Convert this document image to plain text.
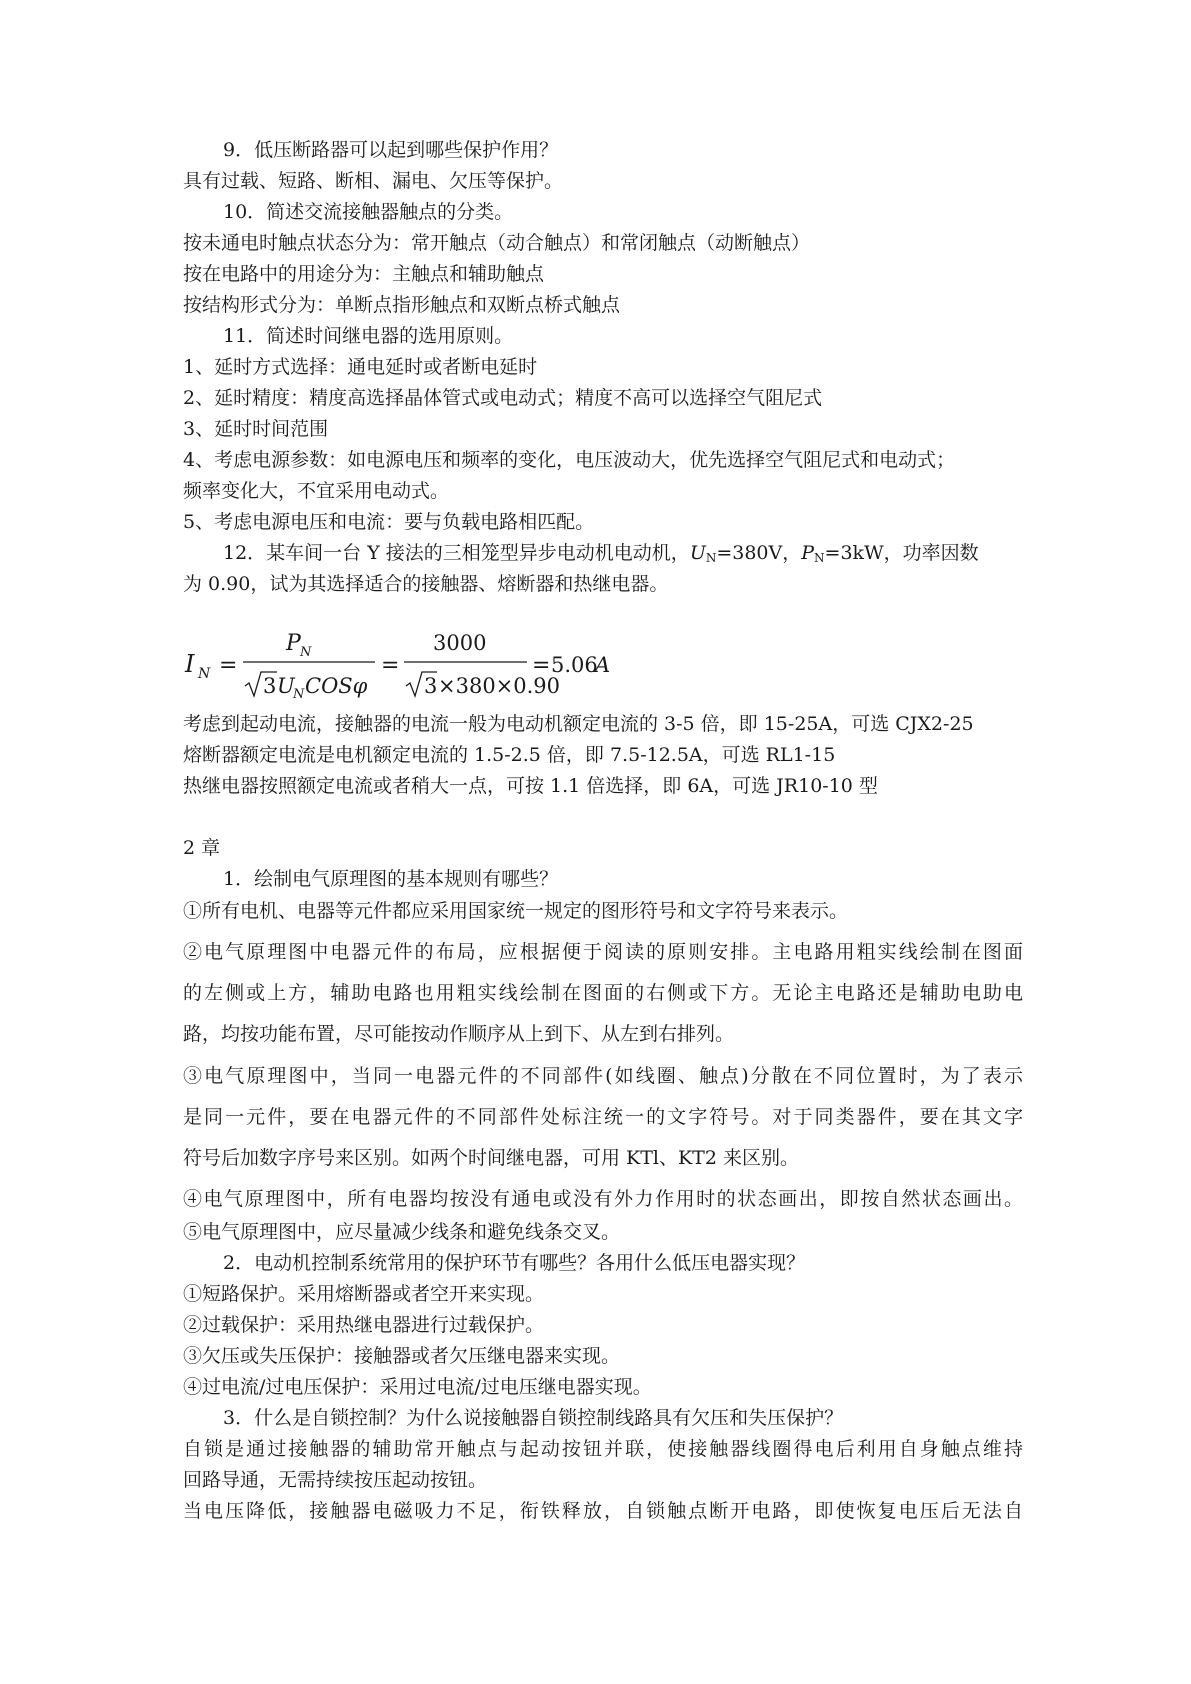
9．低压断路器可以起到哪些保护作用？
具有过载、短路、断相、漏电、欠压等保护。
10．简述交流接触器触点的分类。
按未通电时触点状态分为：常开触点（动合触点）和常闭触点（动断触点）
按在电路中的用途分为：主触点和辅助触点
按结构形式分为：单断点指形触点和双断点桥式触点
11．简述时间继电器的选用原则。
1、延时方式选择：通电延时或者断电延时
2、延时精度：精度高选择晶体管式或电动式；精度不高可以选择空气阻尼式
3、延时时间范围
4、考虑电源参数：如电源电压和频率的变化，电压波动大，优先选择空气阻尼式和电动式；
频率变化大，不宜采用电动式。
5、考虑电源电压和电流：要与负载电路相匹配。
12．某车间一台 Y 接法的三相笼型异步电动机电动机，$U_N=380V$，$P_N=3kW$，功率因数
为 0.90，试为其选择适合的接触器、熔断器和热继电器。
I N =
P N
3 U
N COSφ
=
3000
3 ×380×0.90
= 5.06
A
考虑到起动电流，接触器的电流一般为电动机额定电流的 3-5 倍，即 15-25A，可选 CJX2-25
熔断器额定电流是电机额定电流的 1.5-2.5 倍，即 7.5-12.5A，可选 RL1-15
热继电器按照额定电流或者稍大一点，可按 1.1 倍选择，即 6A，可选 JR10-10 型
2 章
1．绘制电气原理图的基本规则有哪些？
①所有电机、电器等元件都应采用国家统一规定的图形符号和文字符号来表示。
②电气原理图中电器元件的布局，应根据便于阅读的原则安排。主电路用粗实线绘制在图面
的左侧或上方，辅助电路也用粗实线绘制在图面的右侧或下方。无论主电路还是辅助电助电
路，均按功能布置，尽可能按动作顺序从上到下、从左到右排列。
③电气原理图中，当同一电器元件的不同部件(如线圈、触点)分散在不同位置时，为了表示
是同一元件，要在电器元件的不同部件处标注统一的文字符号。对于同类器件，要在其文字
符号后加数字序号来区别。如两个时间继电器，可用 KTl、KT2 来区别。
④电气原理图中，所有电器均按没有通电或没有外力作用时的状态画出，即按自然状态画出。
⑤电气原理图中，应尽量减少线条和避免线条交叉。
2．电动机控制系统常用的保护环节有哪些？各用什么低压电器实现？
①短路保护。采用熔断器或者空开来实现。
②过载保护：采用热继电器进行过载保护。
③欠压或失压保护：接触器或者欠压继电器来实现。
④过电流/过电压保护：采用过电流/过电压继电器实现。
3．什么是自锁控制？为什么说接触器自锁控制线路具有欠压和失压保护？
自锁是通过接触器的辅助常开触点与起动按钮并联，使接触器线圈得电后利用自身触点维持
回路导通，无需持续按压起动按钮。
当电压降低，接触器电磁吸力不足，衔铁释放，自锁触点断开电路，即使恢复电压后无法自
